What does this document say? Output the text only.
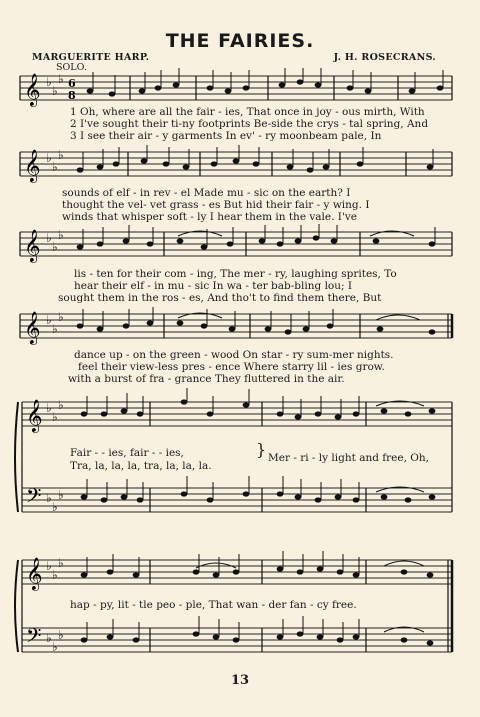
THE FAIRIES.
MARGUERITE HARP.	J. H. ROSECRANS.
SOLO.
𝄞 ♭
♭
♭ 6
8
1 Oh, where are all the fair - ies, That once in joy - ous mirth, With
2 I've sought their ti-ny footprints Be-side the crys - tal spring, And
3 I see their air - y garments In ev' - ry moonbeam pale, In
𝄞 ♭
♭
♭
sounds of elf - in rev - el Made mu - sic on the earth? I
thought the vel- vet grass - es But hid their fair - y wing. I
winds that whisper soft - ly I hear them in the vale. I've
𝄞 ♭
♭
♭
lis - ten for their com - ing, The mer - ry, laughing sprites, To
hear their elf - in mu - sic In wa - ter bab-bling lou; I
sought them in the ros - es, And tho't to find them there, But
𝄞 ♭
♭
♭
dance up - on the green - wood On star - ry sum-mer nights.
feel their view-less pres - ence Where starry lil - ies grow.
with a burst of fra - grance They fluttered in the air.
𝄞
𝄢
♭
♭
♭
♭
♭
♭
Fair - - ies, fair - - ies,
Tra, la, la, la, tra, la, la, la.
} Mer - ri - ly light and free, Oh,
𝄞
𝄢
♭
♭
♭
♭
♭
♭
hap - py, lit - tle peo - ple, That wan - der fan - cy free.
13
